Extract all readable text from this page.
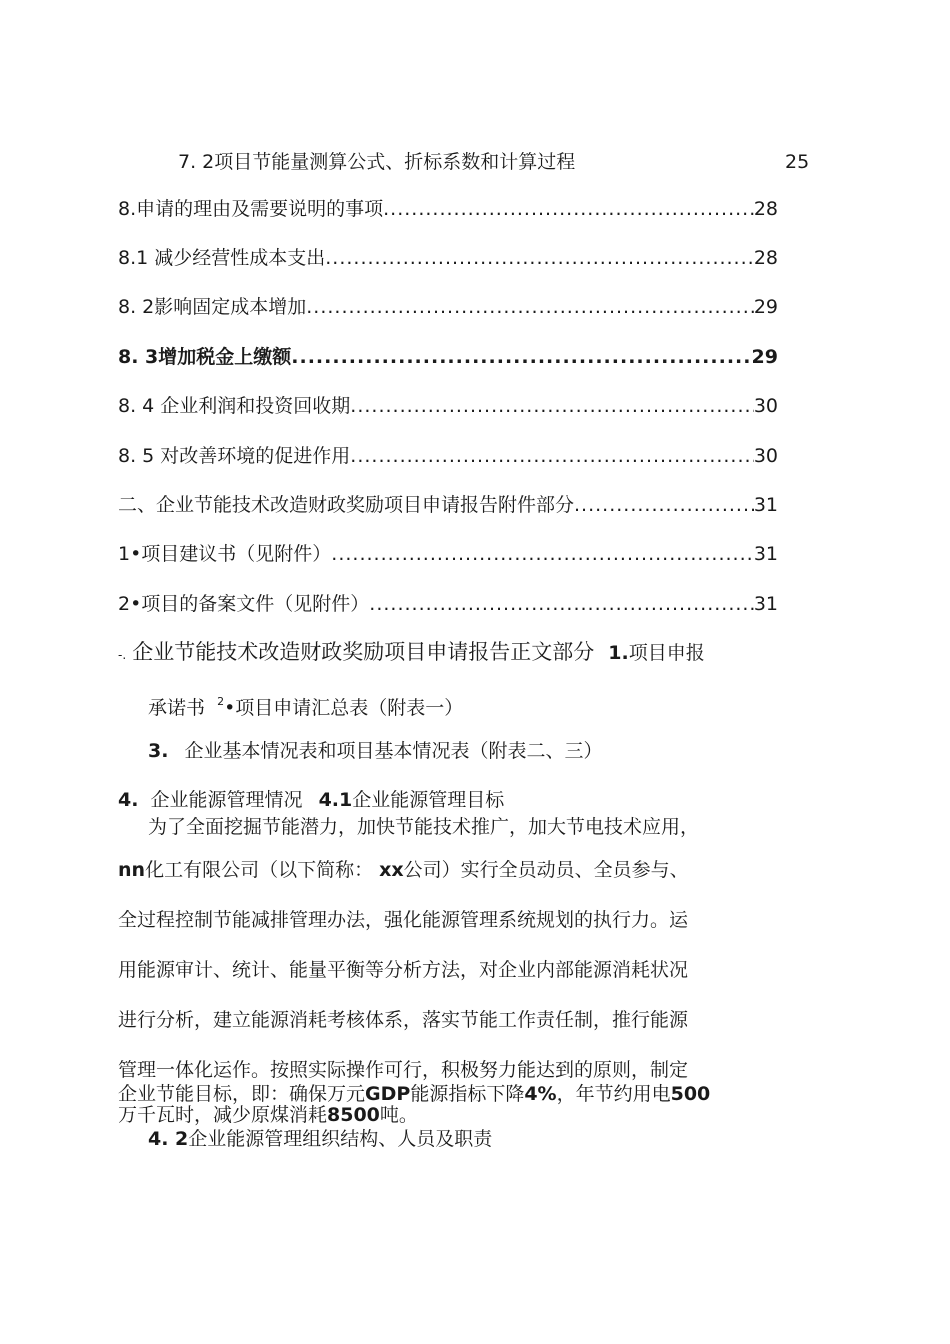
7. 2项目节能量测算公式、折标系数和计算过程	25
8.申请的理由及需要说明的事项 .....	28
8.1 减少经营性成本支出 .....	28
8. 2影响固定成本增加 .....	29
8. 3增加税金上缴额 .....	29
8. 4 企业利润和投资回收期 .....	30
8. 5 对改善环境的促进作用 .....	30
二、企业节能技术改造财政奖励项目申请报告附件部分 .....	31
1•项目建议书（见附件） .....	31
2•项目的备案文件（见附件） .....	31
-. 企业节能技术改造财政奖励项目申请报告正文部分 1.项目申报
承诺书 $^2$•项目申请汇总表（附表一）
3. 企业基本情况表和项目基本情况表（附表二、三）
4. 企业能源管理情况 4.1企业能源管理目标
为了全面挖掘节能潜力，加快节能技术推广，加大节电技术应用，
nn化工有限公司（以下简称： xx公司）实行全员动员、全员参与、
全过程控制节能减排管理办法，强化能源管理系统规划的执行力。运
用能源审计、统计、能量平衡等分析方法，对企业内部能源消耗状况
进行分析，建立能源消耗考核体系，落实节能工作责任制，推行能源
管理一体化运作。按照实际操作可行，积极努力能达到的原则，制定
企业节能目标，即：确保万元GDP能源指标下降4%，年节约用电500
万千瓦时，减少原煤消耗8500吨。
4. 2企业能源管理组织结构、人员及职责
